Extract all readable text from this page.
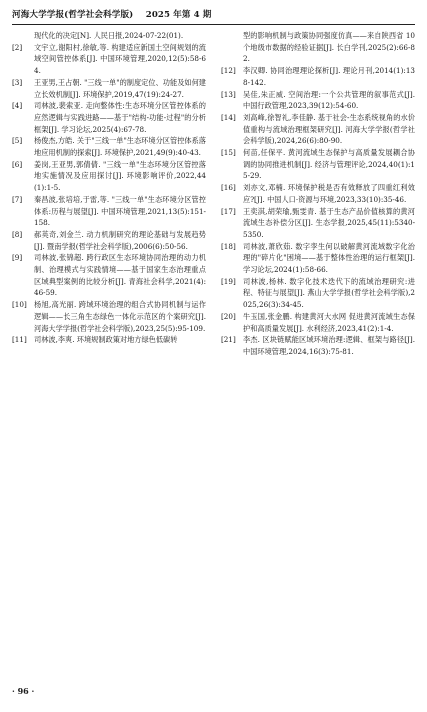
河海大学学报(哲学社会科学版) 2025 年第 4 期
现代化的决定[N]. 人民日报,2024-07-22(01).
[2]	文宇立,谢阳村,徐敏,等. 构建适应新国土空间规划的流域空间管控体系[J]. 中国环境管理,2020,12(5):58-64.
[3]	王亚男,王占朝. "三线一单"的制度定位、功能及如何建立长效机制[J]. 环境保护,2019,47(19):24-27.
[4]	司林波,裴索亚. 走向整体性:生态环境分区管控体系的应然逻辑与实践进路——基于"结构-功能-过程"的分析框架[J]. 学习论坛,2025(4):67-78.
[5]	杨俊杰,方皓. 关于"三线一单"生态环境分区管控体系落地应用机制的探索[J]. 环境保护,2021,49(9):40-43.
[6]	姜岗,王亚男,郭倩倩. "三线一单"生态环境分区管控落地实施情况及应用探讨[J]. 环境影响评价,2022,44(1):1-5.
[7]	秦昌波,张培培,于雷,等. "三线一单"生态环境分区管控体系:历程与展望[J]. 中国环境管理,2021,13(5):151-158.
[8]	郝英奇,刘金兰. 动力机制研究的理论基础与发展趋势[J]. 暨南学报(哲学社会科学版),2006(6):50-56.
[9]	司林波,张锦超. 跨行政区生态环境协同治理的动力机制、治理模式与实践情境——基于国家生态治理重点区域典型案例的比较分析[J]. 青海社会科学,2021(4):46-59.
[10]	杨旭,高光丽. 跨域环境治理的组合式协同机制与运作逻辑——长三角生态绿色一体化示范区的个案研究[J]. 河海大学学报(哲学社会科学版),2023,25(5):95-109.
[11]	司林波,李爽. 环境规制政策对地方绿色低碳转
型的影响机制与政策协同强度仿真——来自陕西省 10 个地级市数据的经验证据[J]. 长白学刊,2025(2):66-82.
[12]	李汉卿. 协同治理理论探析[J]. 理论月刊,2014(1):138-142.
[13]	吴佳,朱正威. 空间治理:一个公共管理的叙事范式[J]. 中国行政管理,2023,39(12):54-60.
[14]	刘高峰,徐智礼,李佳静. 基于社会-生态系统视角的水价值重构与流域治理框架研究[J]. 河海大学学报(哲学社会科学版),2024,26(6):80-90.
[15]	何苗,任保平. 黄河流域生态保护与高质量发展耦合协调的协同推进机制[J]. 经济与管理评论,2024,40(1):15-29.
[16]	刘亦文,邓楠. 环境保护税是否有效释放了四重红利效应?[J]. 中国人口·资源与环境,2023,33(10):35-46.
[17]	王奕淇,胡荣瑜,甄雯青. 基于生态产品价值核算的黄河流域生态补偿分区[J]. 生态学报,2025,45(11):5340-5350.
[18]	司林波,萧欣茹. 数字孪生何以破解黄河流域数字化治理的"碎片化"困境——基于整体性治理的运行框架[J]. 学习论坛,2024(1):58-66.
[19]	司林波,杨林. 数字化技术迭代下的流域治理研究:进程、特征与展望[J]. 燕山大学学报(哲学社会科学版),2025,26(3):34-45.
[20]	牛玉国,张金鹏. 构建黄河大水网 促进黄河流域生态保护和高质量发展[J]. 水利经济,2023,41(2):1-4.
[21]	李杰. 区块链赋能区域环境治理:逻辑、框架与路径[J]. 中国环境管理,2024,16(3):75-81.
· 96 ·
